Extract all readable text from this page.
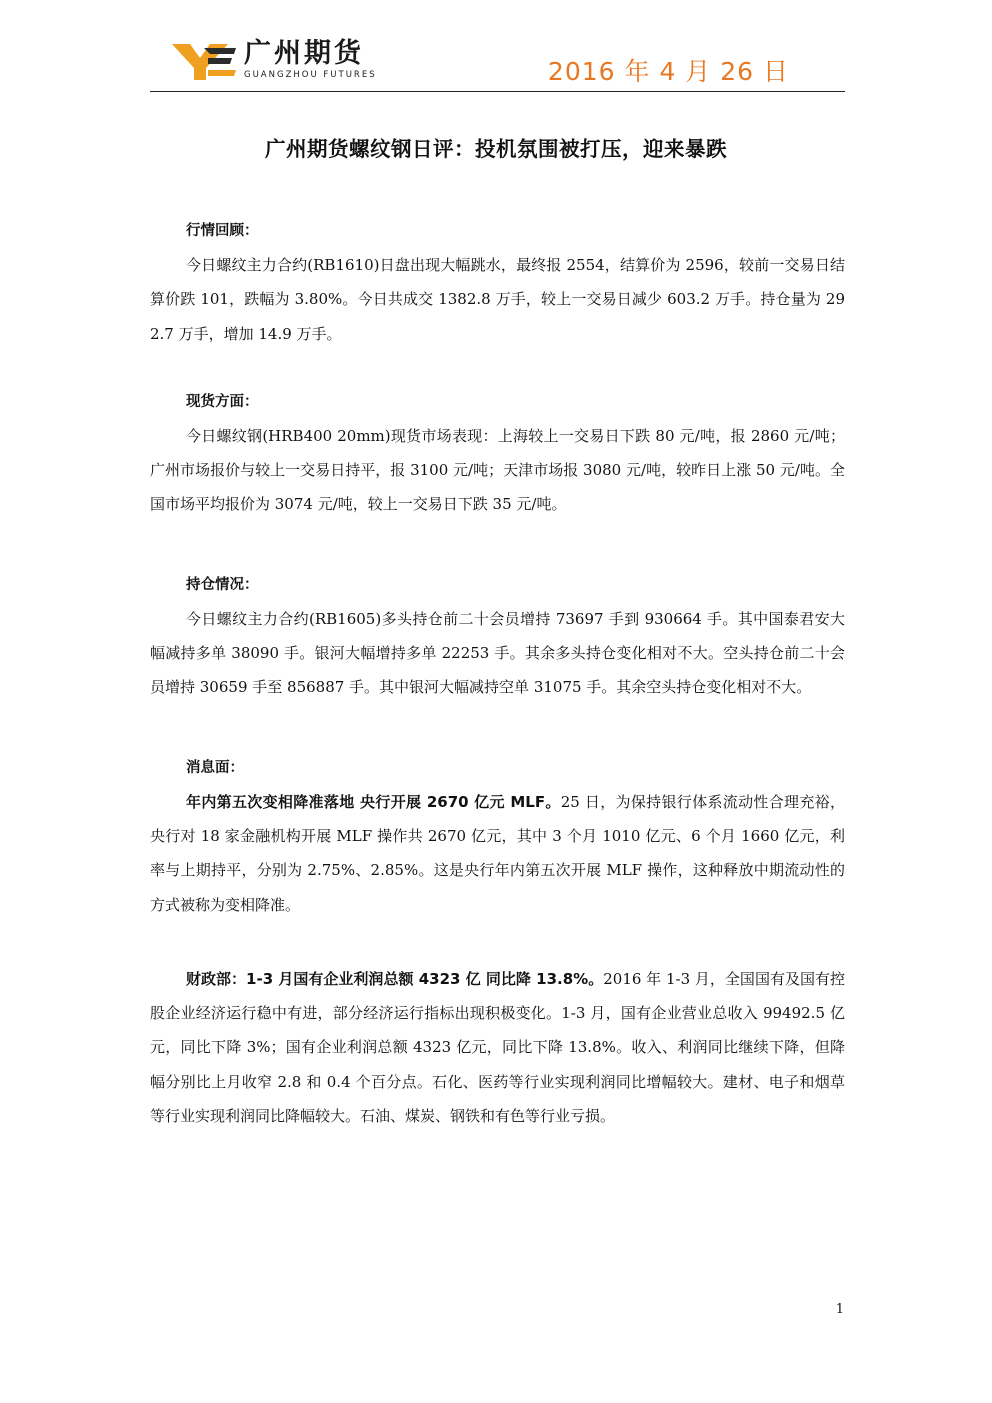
广州期货
GUANGZHOU FUTURES	2016 年 4 月 26 日
广州期货螺纹钢日评：投机氛围被打压，迎来暴跌
行情回顾：

今日螺纹主力合约(RB1610)日盘出现大幅跳水，最终报 2554，结算价为 2596，较前一交易日结算价跌 101，跌幅为 3.80%。今日共成交 1382.8 万手，较上一交易日减少 603.2 万手。持仓量为 292.7 万手，增加 14.9 万手。

现货方面：

今日螺纹钢(HRB400 20mm)现货市场表现：上海较上一交易日下跌 80 元/吨，报 2860 元/吨；广州市场报价与较上一交易日持平，报 3100 元/吨；天津市场报 3080 元/吨，较昨日上涨 50 元/吨。全国市场平均报价为 3074 元/吨，较上一交易日下跌 35 元/吨。

持仓情况：

今日螺纹主力合约(RB1605)多头持仓前二十会员增持 73697 手到 930664 手。其中国泰君安大幅减持多单 38090 手。银河大幅增持多单 22253 手。其余多头持仓变化相对不大。空头持仓前二十会员增持 30659 手至 856887 手。其中银河大幅减持空单 31075 手。其余空头持仓变化相对不大。

消息面：

年内第五次变相降准落地 央行开展 2670 亿元 MLF。25 日，为保持银行体系流动性合理充裕，央行对 18 家金融机构开展 MLF 操作共 2670 亿元，其中 3 个月 1010 亿元、6 个月 1660 亿元，利率与上期持平，分别为 2.75%、2.85%。这是央行年内第五次开展 MLF 操作，这种释放中期流动性的方式被称为变相降准。

财政部：1-3 月国有企业利润总额 4323 亿 同比降 13.8%。2016 年 1-3 月，全国国有及国有控股企业经济运行稳中有进，部分经济运行指标出现积极变化。1-3 月，国有企业营业总收入 99492.5 亿元，同比下降 3%；国有企业利润总额 4323 亿元，同比下降 13.8%。收入、利润同比继续下降，但降幅分别比上月收窄 2.8 和 0.4 个百分点。石化、医药等行业实现利润同比增幅较大。建材、电子和烟草等行业实现利润同比降幅较大。石油、煤炭、钢铁和有色等行业亏损。

1
